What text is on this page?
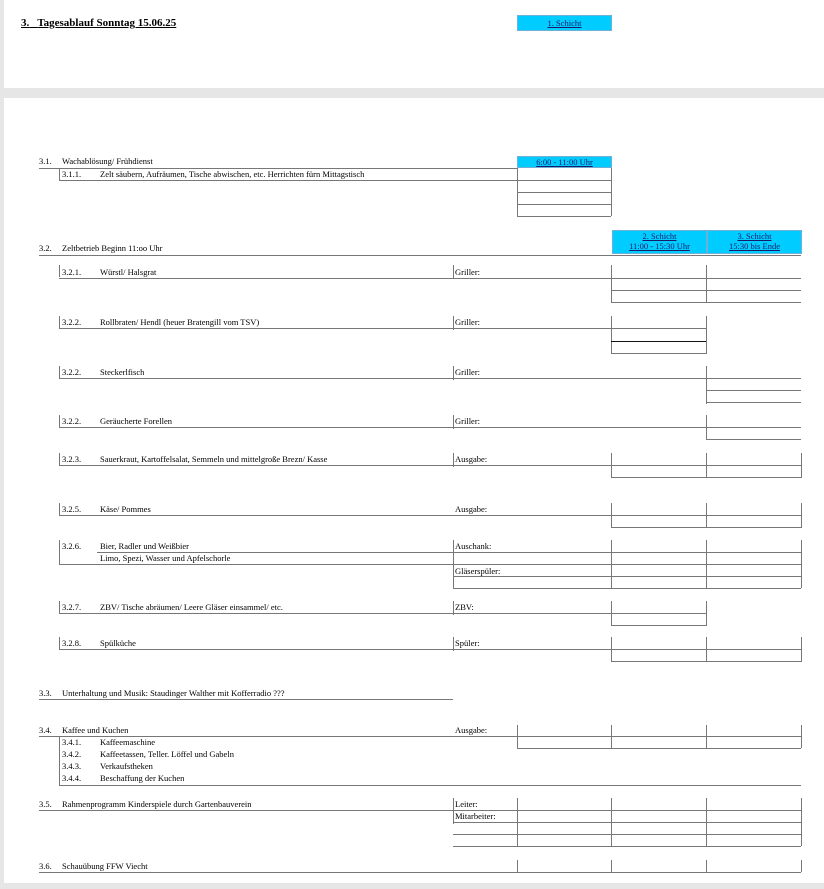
3. Tagesablauf Sonntag 15.06.25	1. Schicht
6:00 - 11:00 Uhr
3.1. Wachablösung/ Frühdienst
3.1.1. Zelt säubern, Aufräumen, Tische abwischen, etc. Herrichten fürn Mittagstisch
2. Schicht
11:00 - 15:30 Uhr
3. Schicht
15:30 bis Ende
3.2. Zeltbetrieb Beginn 11:oo Uhr
3.2.1. Würstl/ Halsgrat	Griller:
3.2.2. Rollbraten/ Hendl (heuer Bratengill vom TSV)	Griller:
3.2.2. Steckerlfisch	Griller:
3.2.2. Geräucherte Forellen	Griller:
3.2.3. Sauerkraut, Kartoffelsalat, Semmeln und mittelgroße Brezn/ Kasse	Ausgabe:
3.2.5. Käse/ Pommes	Ausgabe:
3.2.6. Bier, Radler und Weißbier	Auschank:
Limo, Spezi, Wasser und Apfelschorle
Gläserspüler:
3.2.7. ZBV/ Tische abräumen/ Leere Gläser einsammel/ etc.	ZBV:
3.2.8. Spülküche	Spüler:
3.3. Unterhaltung und Musik: Staudinger Walther mit Kofferradio ???
3.4. Kaffee und Kuchen	Ausgabe:
3.4.1. Kaffeemaschine
3.4.2. Kaffeetassen, Teller. Löffel und Gabeln
3.4.3. Verkaufstheken
3.4.4. Beschaffung der Kuchen
3.5. Rahmenprogramm Kinderspiele durch Gartenbauverein	Leiter:
Mitarbeiter:
3.6. Schauübung FFW Viecht
